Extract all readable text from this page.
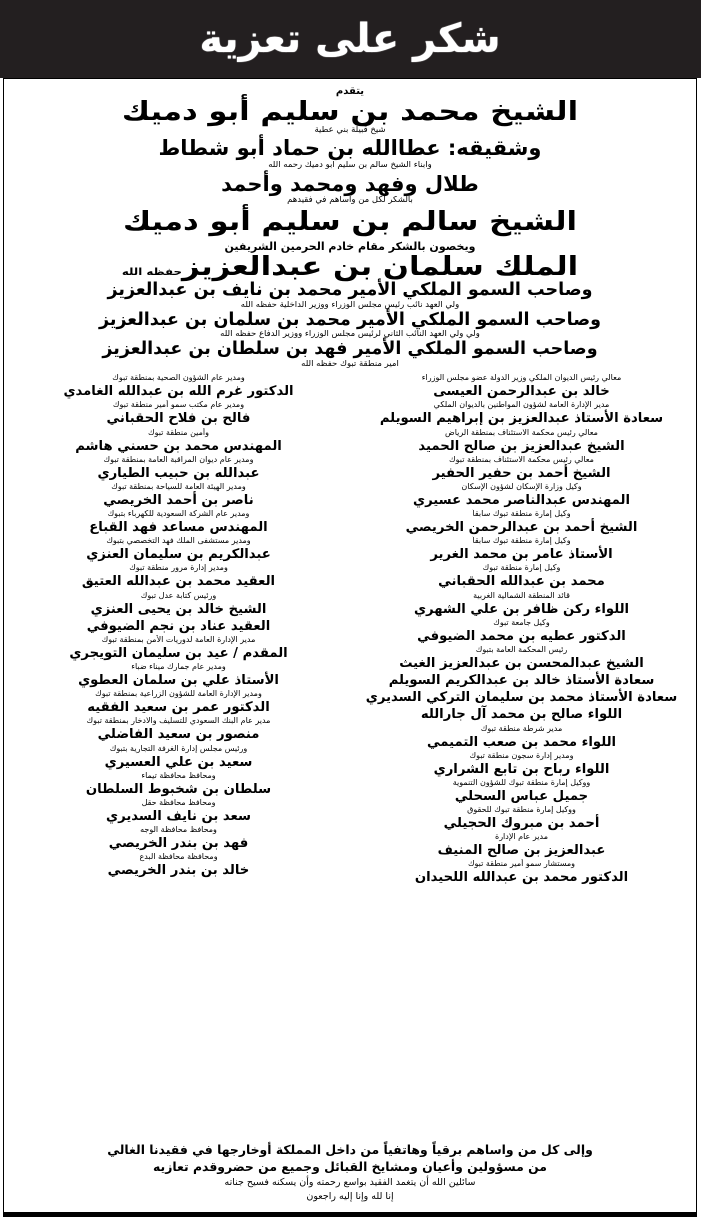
شكر على تعزية
يتقدم
الشيخ محمد بن سليم أبو دميك
شيخ قبيلة بني عطية
وشقيقه: عطاالله بن حماد أبو شطاط
وأبناء الشيخ سالم بن سليم أبو دميك رحمه الله
طلال وفهد ومحمد وأحمد
بالشكر لكل من واساهم في فقيدهم
الشيخ سالم بن سليم أبو دميك
ويخصون بالشكر مقام خادم الحرمين الشريفين
الملك سلمان بن عبدالعزيزحفظه الله
وصاحب السمو الملكي الأمير محمد بن نايف بن عبدالعزيز
ولي العهد نائب رئيس مجلس الوزراء ووزير الداخلية حفظه الله
وصاحب السمو الملكي الأمير محمد بن سلمان بن عبدالعزيز
ولي ولي العهد النائب الثاني لرئيس مجلس الوزراء ووزير الدفاع حفظه الله
وصاحب السمو الملكي الأمير فهد بن سلطان بن عبدالعزيز
أمير منطقة تبوك حفظه الله
معالي رئيس الديوان الملكي وزير الدولة عضو مجلس الوزراء
خالد بن عبدالرحمن العيسى
مدير الإدارة العامة لشؤون المواطنين بالديوان الملكي
سعادة الأستاذ عبدالعزيز بن إبراهيم السويلم
معالي رئيس محكمة الاستئناف بمنطقة الرياض
الشيخ عبدالعزيز بن صالح الحميد
معالي رئيس محكمة الاستئناف بمنطقة تبوك
الشيخ أحمد بن حفير الحفير
وكيل وزارة الإسكان لشؤون الإسكان
المهندس عبدالناصر محمد عسيري
وكيل إمارة منطقة تبوك سابقاً
الشيخ أحمد بن عبدالرحمن الخريصي
وكيل إمارة منطقة تبوك سابقاً
الأستاذ عامر بن محمد الغرير
وكيل إمارة منطقة تبوك
محمد بن عبدالله الحقباني
قائد المنطقة الشمالية الغربية
اللواء ركن ظافر بن علي الشهري
وكيل جامعة تبوك
الدكتور عطيه بن محمد الضيوفي
رئيس المحكمة العامة بتبوك
الشيخ عبدالمحسن بن عبدالعزيز الغيث
سعادة الأستاذ خالد بن عبدالكريم السويلم
سعادة الأستاذ محمد بن سليمان التركي السديري
اللواء صالح بن محمد آل جارالله
مدير شرطة منطقة تبوك
اللواء محمد بن صعب التميمي
ومدير إدارة سجون منطقة تبوك
اللواء رباح بن تابع الشراري
ووكيل إمارة منطقة تبوك للشؤون التنموية
جميل عباس السحلي
ووكيل إمارة منطقة تبوك للحقوق
أحمد بن مبروك الحجيلي
مدير عام الإدارة
عبدالعزيز بن صالح المنيف
ومستشار سمو أمير منطقة تبوك
الدكتور محمد بن عبدالله اللحيدان
ومدير عام الشؤون الصحية بمنطقة تبوك
الدكتور غرم الله بن عبدالله الغامدي
ومدير عام مكتب سمو أمير منطقة تبوك
فالح بن فلاح الحقباني
وأمين منطقة تبوك
المهندس محمد بن حسني هاشم
ومدير عام ديوان المراقبة العامة بمنطقة تبوك
عبدالله بن حبيب الطياري
ومدير الهيئة العامة للسياحة بمنطقة تبوك
ناصر بن أحمد الخريصي
ومدير عام الشركة السعودية للكهرباء بتبوك
المهندس مساعد فهد القباع
ومدير مستشفى الملك فهد التخصصي بتبوك
عبدالكريم بن سليمان العنزي
ومدير إدارة مرور منطقة تبوك
العقيد محمد بن عبدالله العتيق
ورئيس كتابة عدل تبوك
الشيخ خالد بن يحيى العنزي
العقيد عناد بن نجم الضيوفي
مدير الإدارة العامة لدوريات الأمن بمنطقة تبوك
المقدم / عيد بن سليمان التويجري
ومدير عام جمارك ميناء ضباء
الأستاذ علي بن سلمان العطوي
ومدير الإدارة العامة للشؤون الزراعية بمنطقة تبوك
الدكتور عمر بن سعيد الفقيه
مدير عام البنك السعودي للتسليف والادخار بمنطقة تبوك
منصور بن سعيد الفاضلي
ورئيس مجلس إدارة الغرفة التجارية بتبوك
سعيد بن علي العسيري
ومحافظ محافظة تيماء
سلطان بن شخبوط السلطان
ومحافظ محافظة حقل
سعد بن نايف السديري
ومحافظ محافظة الوجه
فهد بن بندر الخريصي
ومحافظة محافظة البدع
خالد بن بندر الخريصي
وإلى كل من واساهم برقياً وهاتفياً من داخل المملكة أوخارجها في فقيدنا الغالي
من مسؤولين وأعيان ومشايخ القبائل وجميع من حضروقدم تعازيه
سائلين الله أن يتغمد الفقيد بواسع رحمته وأن يسكنه فسيح جناته
إنا لله وإنا إليه راجعون
